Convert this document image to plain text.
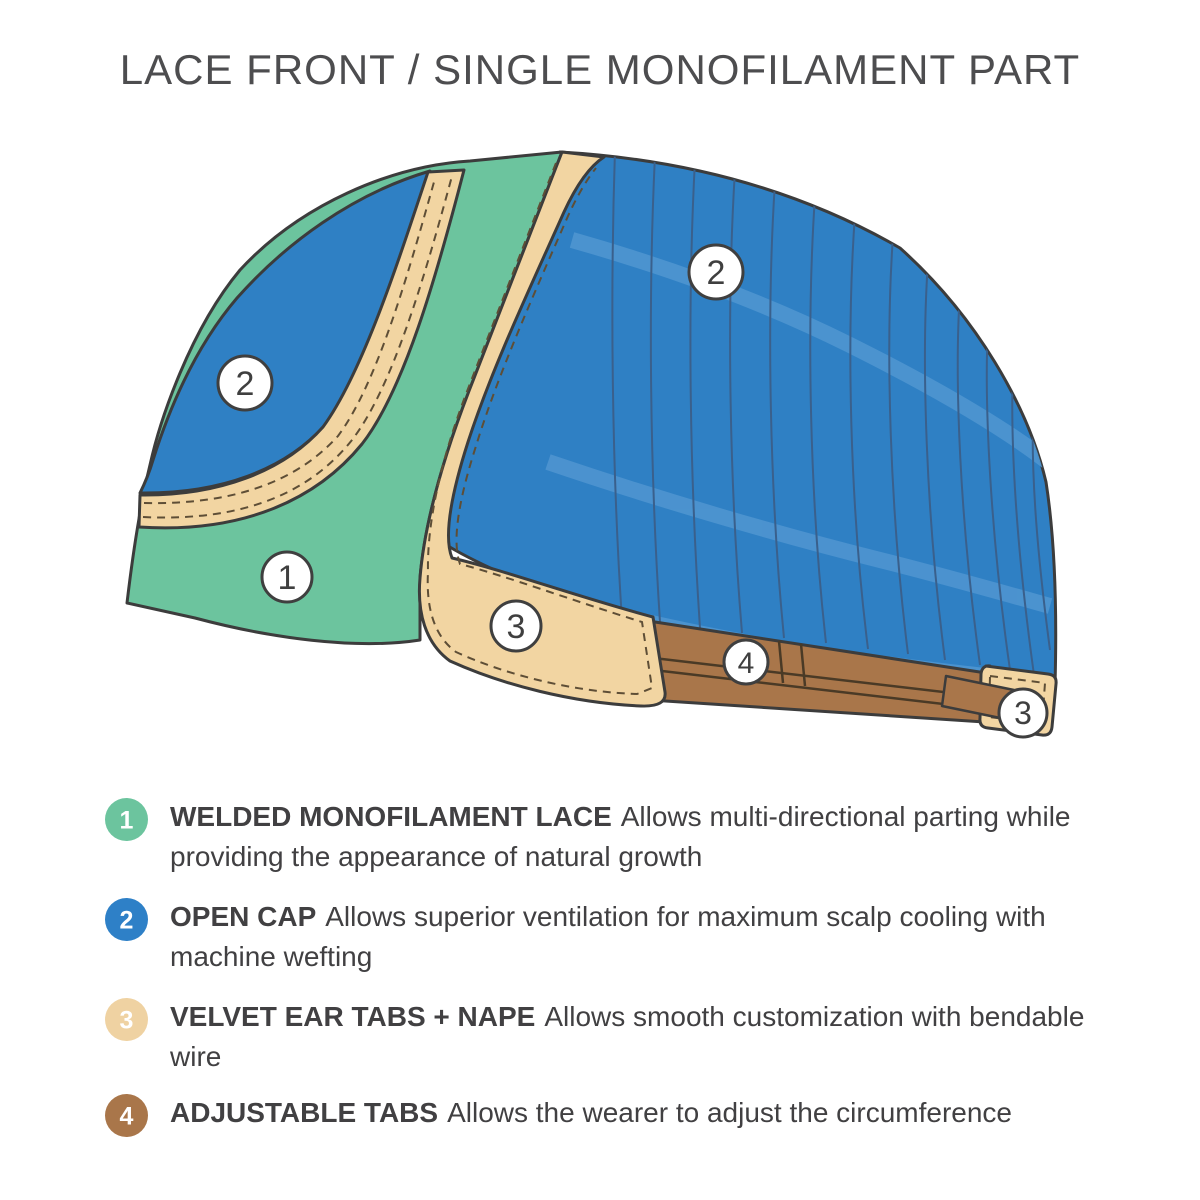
LACE FRONT / SINGLE MONOFILAMENT PART
2
1
2
3
4
3
1 WELDED MONOFILAMENT LACE Allows multi-directional parting while providing the appearance of natural growth
2 OPEN CAP Allows superior ventilation for maximum scalp cooling with machine wefting
3 VELVET EAR TABS + NAPE Allows smooth customization with bendable wire
4 ADJUSTABLE TABS Allows the wearer to adjust the circumference
